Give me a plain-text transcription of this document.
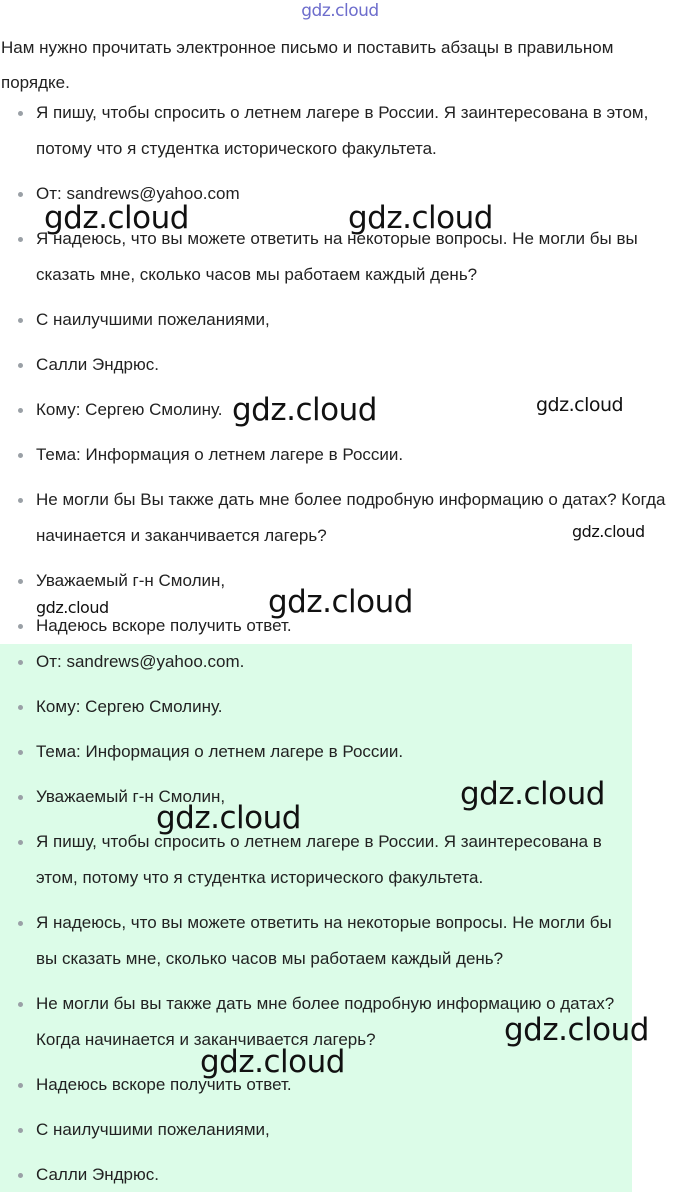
gdz.cloud

Нам нужно прочитать электронное письмо и поставить абзацы в правильном порядке.

Я пишу, чтобы спросить о летнем лагере в России. Я заинтересована в этом, потому что я студентка исторического факультета.
От: sandrews@yahoo.com
Я надеюсь, что вы можете ответить на некоторые вопросы. Не могли бы вы сказать мне, сколько часов мы работаем каждый день?
С наилучшими пожеланиями,
Салли Эндрюс.
Кому: Сергею Смолину.
Тема: Информация о летнем лагере в России.
Не могли бы Вы также дать мне более подробную информацию о датах? Когда начинается и заканчивается лагерь?
Уважаемый г-н Смолин,
Надеюсь вскоре получить ответ.
От: sandrews@yahoo.com.
Кому: Сергею Смолину.
Тема: Информация о летнем лагере в России.
Уважаемый г-н Смолин,
Я пишу, чтобы спросить о летнем лагере в России. Я заинтересована в этом, потому что я студентка исторического факультета.
Я надеюсь, что вы можете ответить на некоторые вопросы. Не могли бы вы сказать мне, сколько часов мы работаем каждый день?
Не могли бы вы также дать мне более подробную информацию о датах? Когда начинается и заканчивается лагерь?
Надеюсь вскоре получить ответ.
С наилучшими пожеланиями,
Салли Эндрюс.
gdz.cloud	gdz.cloud
gdz.cloud	gdz.cloud
gdz.cloud
gdz.cloud	gdz.cloud
gdz.cloud
gdz.cloud
gdz.cloud
gdz.cloud
